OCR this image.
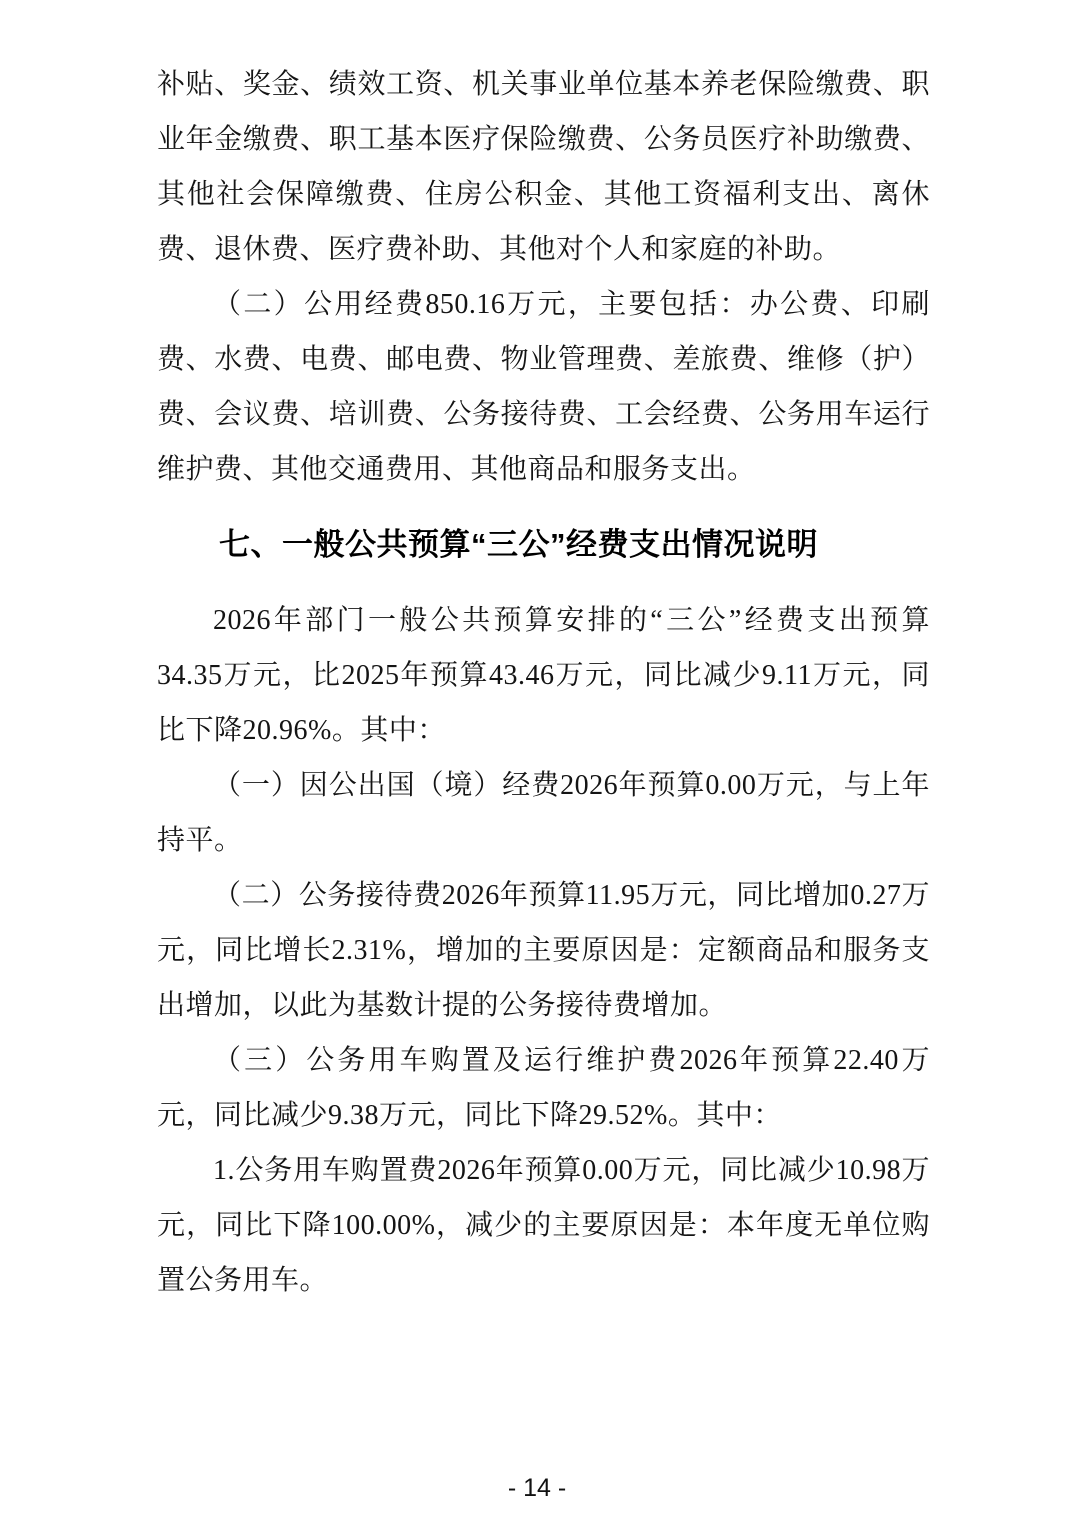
补贴、奖金、绩效工资、机关事业单位基本养老保险缴费、职业年金缴费、职工基本医疗保险缴费、公务员医疗补助缴费、其他社会保障缴费、住房公积金、其他工资福利支出、离休费、退休费、医疗费补助、其他对个人和家庭的补助。

（二）公用经费850.16万元，主要包括：办公费、印刷费、水费、电费、邮电费、物业管理费、差旅费、维修（护）费、会议费、培训费、公务接待费、工会经费、公务用车运行维护费、其他交通费用、其他商品和服务支出。

七、一般公共预算“三公”经费支出情况说明

2026年部门一般公共预算安排的“三公”经费支出预算34.35万元，比2025年预算43.46万元，同比减少9.11万元，同比下降20.96%。其中：

（一）因公出国（境）经费2026年预算0.00万元，与上年持平。

（二）公务接待费2026年预算11.95万元，同比增加0.27万元，同比增长2.31%，增加的主要原因是：定额商品和服务支出增加，以此为基数计提的公务接待费增加。

（三）公务用车购置及运行维护费2026年预算22.40万元，同比减少9.38万元，同比下降29.52%。其中：

1.公务用车购置费2026年预算0.00万元，同比减少10.98万元，同比下降100.00%，减少的主要原因是：本年度无单位购置公务用车。

- 14 -
